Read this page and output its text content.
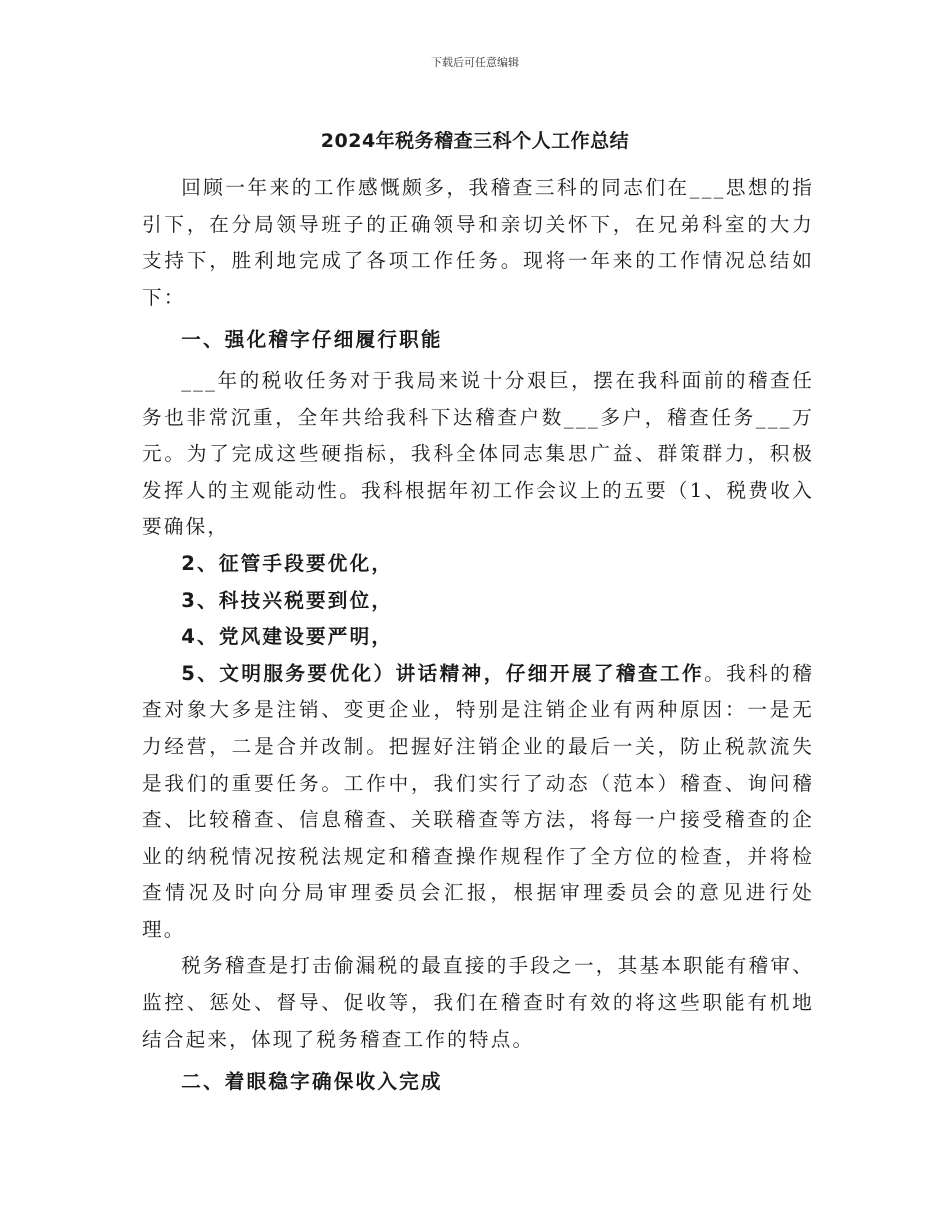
下载后可任意编辑
2024年税务稽查三科个人工作总结

回顾一年来的工作感慨颇多，我稽查三科的同志们在___思想的指引下，在分局领导班子的正确领导和亲切关怀下，在兄弟科室的大力支持下，胜利地完成了各项工作任务。现将一年来的工作情况总结如下：

一、强化稽字仔细履行职能

___年的税收任务对于我局来说十分艰巨，摆在我科面前的稽查任务也非常沉重，全年共给我科下达稽查户数___多户，稽查任务___万元。为了完成这些硬指标，我科全体同志集思广益、群策群力，积极发挥人的主观能动性。我科根据年初工作会议上的五要（1、税费收入要确保，

2、征管手段要优化，

3、科技兴税要到位，

4、党风建设要严明，

5、文明服务要优化）讲话精神，仔细开展了稽查工作。我科的稽查对象大多是注销、变更企业，特别是注销企业有两种原因：一是无力经营，二是合并改制。把握好注销企业的最后一关，防止税款流失是我们的重要任务。工作中，我们实行了动态（范本）稽查、询问稽查、比较稽查、信息稽查、关联稽查等方法，将每一户接受稽查的企业的纳税情况按税法规定和稽查操作规程作了全方位的检查，并将检查情况及时向分局审理委员会汇报，根据审理委员会的意见进行处理。

税务稽查是打击偷漏税的最直接的手段之一，其基本职能有稽审、监控、惩处、督导、促收等，我们在稽查时有效的将这些职能有机地结合起来，体现了税务稽查工作的特点。

二、着眼稳字确保收入完成
